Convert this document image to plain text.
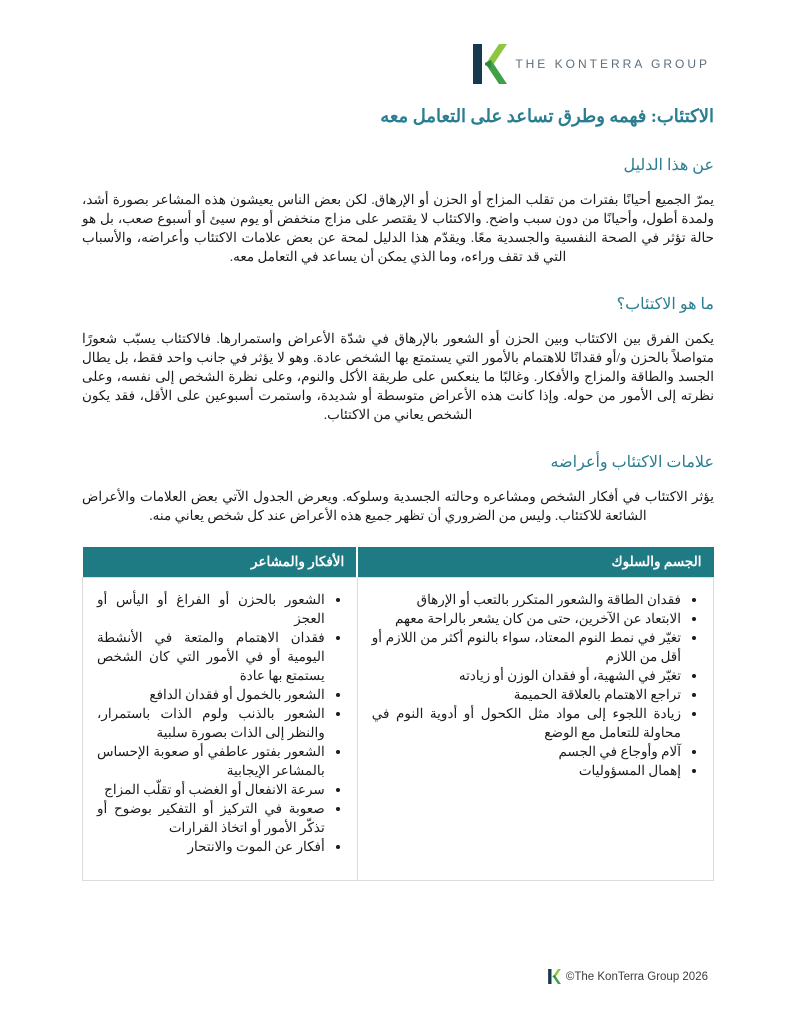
THE KONTERRA GROUP
الاكتئاب: فهمه وطرق تساعد على التعامل معه
عن هذا الدليل

يمرّ الجميع أحيانًا بفترات من تقلب المزاج أو الحزن أو الإرهاق. لكن بعض الناس يعيشون هذه المشاعر بصورة أشد، ولمدة أطول، وأحيانًا من دون سبب واضح. والاكتئاب لا يقتصر على مزاج منخفض أو يوم سيئ أو أسبوع صعب، بل هو حالة تؤثر في الصحة النفسية والجسدية معًا. ويقدّم هذا الدليل لمحة عن بعض علامات الاكتئاب وأعراضه، والأسباب التي قد تقف وراءه، وما الذي يمكن أن يساعد في التعامل معه.

ما هو الاكتئاب؟

يكمن الفرق بين الاكتئاب وبين الحزن أو الشعور بالإرهاق في شدّة الأعراض واستمرارها. فالاكتئاب يسبّب شعورًا متواصلاً بالحزن و/أو فقدانًا للاهتمام بالأمور التي يستمتع بها الشخص عادة. وهو لا يؤثر في جانب واحد فقط، بل يطال الجسد والطاقة والمزاج والأفكار. وغالبًا ما ينعكس على طريقة الأكل والنوم، وعلى نظرة الشخص إلى نفسه، وعلى نظرته إلى الأمور من حوله. وإذا كانت هذه الأعراض متوسطة أو شديدة، واستمرت أسبوعين على الأقل، فقد يكون الشخص يعاني من الاكتئاب.

علامات الاكتئاب وأعراضه

يؤثر الاكتئاب في أفكار الشخص ومشاعره وحالته الجسدية وسلوكه. ويعرض الجدول الآتي بعض العلامات والأعراض الشائعة للاكتئاب. وليس من الضروري أن تظهر جميع هذه الأعراض عند كل شخص يعاني منه.

الجسم والسلوك	الأفكار والمشاعر

• فقدان الطاقة والشعور المتكرر بالتعب أو الإرهاق
• الابتعاد عن الآخرين، حتى من كان يشعر بالراحة معهم
• تغيّر في نمط النوم المعتاد، سواء بالنوم أكثر من اللازم أو أقل من اللازم
• تغيّر في الشهية، أو فقدان الوزن أو زيادته
• تراجع الاهتمام بالعلاقة الحميمة
• زيادة اللجوء إلى مواد مثل الكحول أو أدوية النوم في محاولة للتعامل مع الوضع
• آلام وأوجاع في الجسم
• إهمال المسؤوليات

• الشعور بالحزن أو الفراغ أو اليأس أو العجز
• فقدان الاهتمام والمتعة في الأنشطة اليومية أو في الأمور التي كان الشخص يستمتع بها عادة
• الشعور بالخمول أو فقدان الدافع
• الشعور بالذنب ولوم الذات باستمرار، والنظر إلى الذات بصورة سلبية
• الشعور بفتور عاطفي أو صعوبة الإحساس بالمشاعر الإيجابية
• سرعة الانفعال أو الغضب أو تقلّب المزاج
• صعوبة في التركيز أو التفكير بوضوح أو تذكّر الأمور أو اتخاذ القرارات
• أفكار عن الموت والانتحار
©The KonTerra Group 2026
